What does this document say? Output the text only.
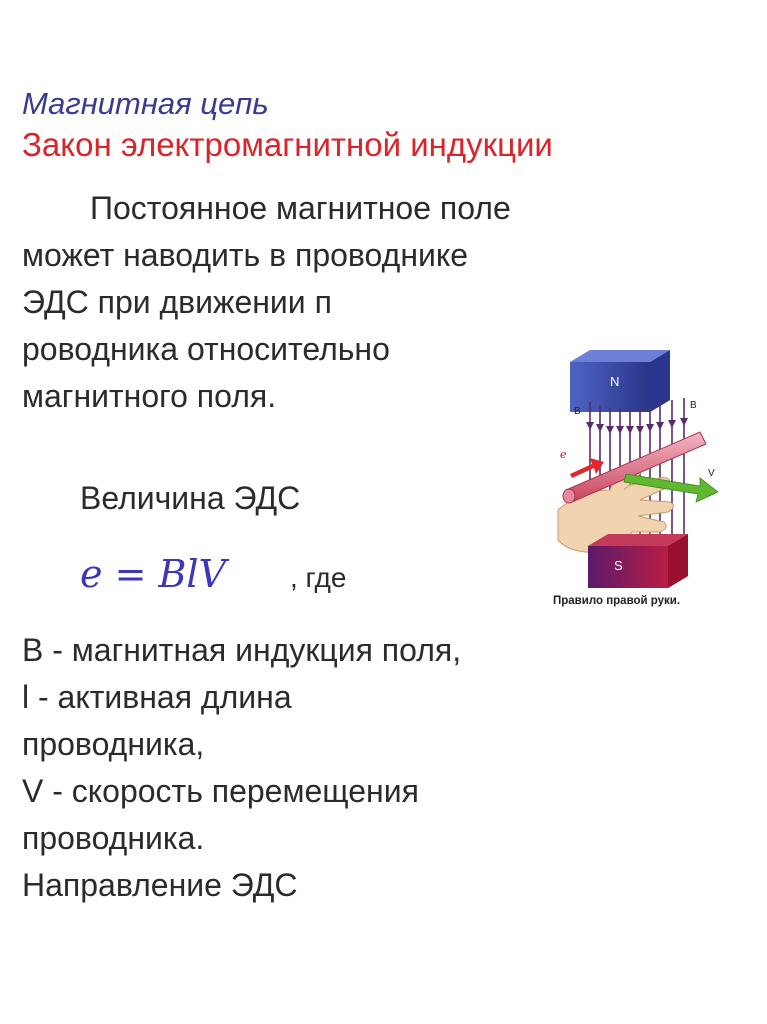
Магнитная цепь
Закон электромагнитной индукции
Постоянное магнитное поле
может наводить в проводнике
ЭДС при движении п
роводника относительно
магнитного поля.
Величина ЭДС
e = BlV , где
В - магнитная индукция поля,
l - активная длина
проводника,
V - скорость перемещения
проводника.
Направление ЭДС
N
B
B
e
V
S
Правило правой руки.
